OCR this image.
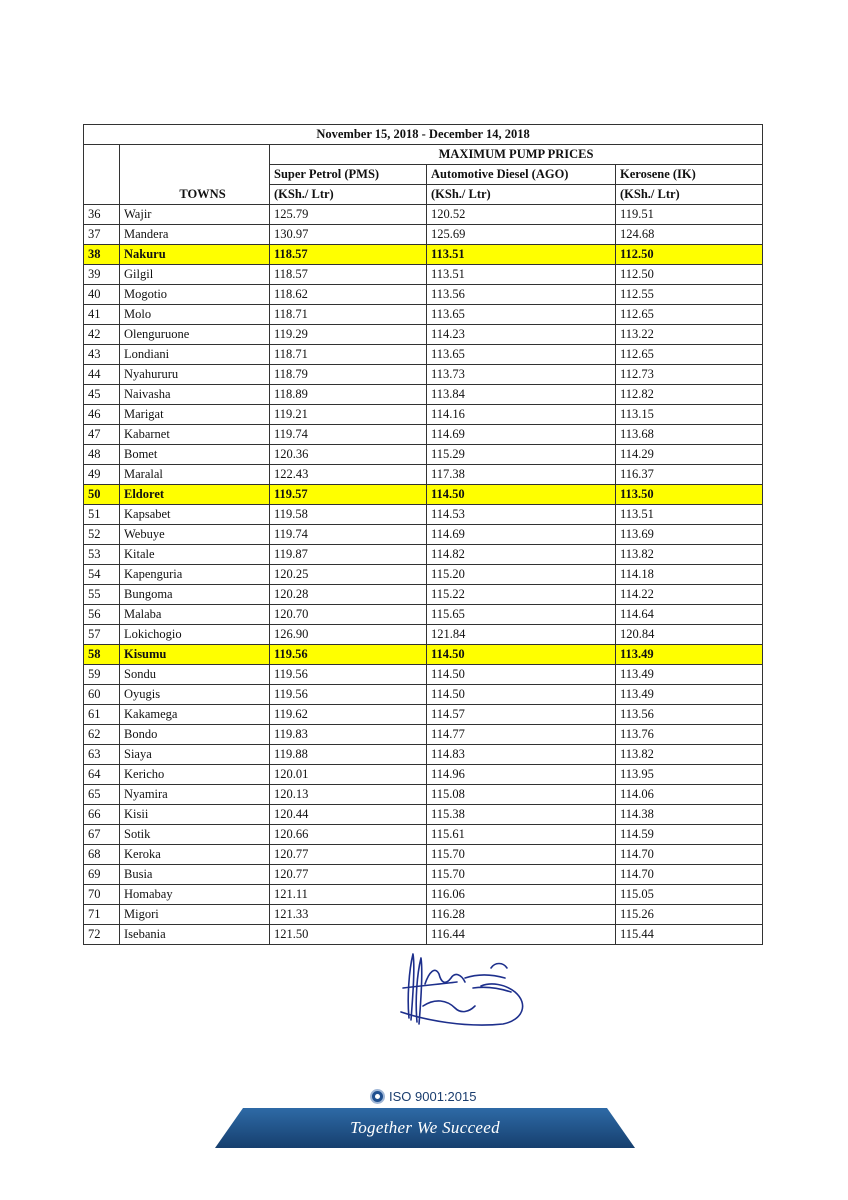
November 15, 2018 - December 14, 2018				
	TOWNS	MAXIMUM PUMP PRICES		
		Super Petrol (PMS)	Automotive Diesel (AGO)	Kerosene (IK)
		(KSh./ Ltr)	(KSh./ Ltr)	(KSh./ Ltr)
36	Wajir	125.79	120.52	119.51
37	Mandera	130.97	125.69	124.68
38	Nakuru	118.57	113.51	112.50
39	Gilgil	118.57	113.51	112.50
40	Mogotio	118.62	113.56	112.55
41	Molo	118.71	113.65	112.65
42	Olenguruone	119.29	114.23	113.22
43	Londiani	118.71	113.65	112.65
44	Nyahururu	118.79	113.73	112.73
45	Naivasha	118.89	113.84	112.82
46	Marigat	119.21	114.16	113.15
47	Kabarnet	119.74	114.69	113.68
48	Bomet	120.36	115.29	114.29
49	Maralal	122.43	117.38	116.37
50	Eldoret	119.57	114.50	113.50
51	Kapsabet	119.58	114.53	113.51
52	Webuye	119.74	114.69	113.69
53	Kitale	119.87	114.82	113.82
54	Kapenguria	120.25	115.20	114.18
55	Bungoma	120.28	115.22	114.22
56	Malaba	120.70	115.65	114.64
57	Lokichogio	126.90	121.84	120.84
58	Kisumu	119.56	114.50	113.49
59	Sondu	119.56	114.50	113.49
60	Oyugis	119.56	114.50	113.49
61	Kakamega	119.62	114.57	113.56
62	Bondo	119.83	114.77	113.76
63	Siaya	119.88	114.83	113.82
64	Kericho	120.01	114.96	113.95
65	Nyamira	120.13	115.08	114.06
66	Kisii	120.44	115.38	114.38
67	Sotik	120.66	115.61	114.59
68	Keroka	120.77	115.70	114.70
69	Busia	120.77	115.70	114.70
70	Homabay	121.11	116.06	115.05
71	Migori	121.33	116.28	115.26
72	Isebania	121.50	116.44	115.44
ISO 9001:2015
Together We Succeed
